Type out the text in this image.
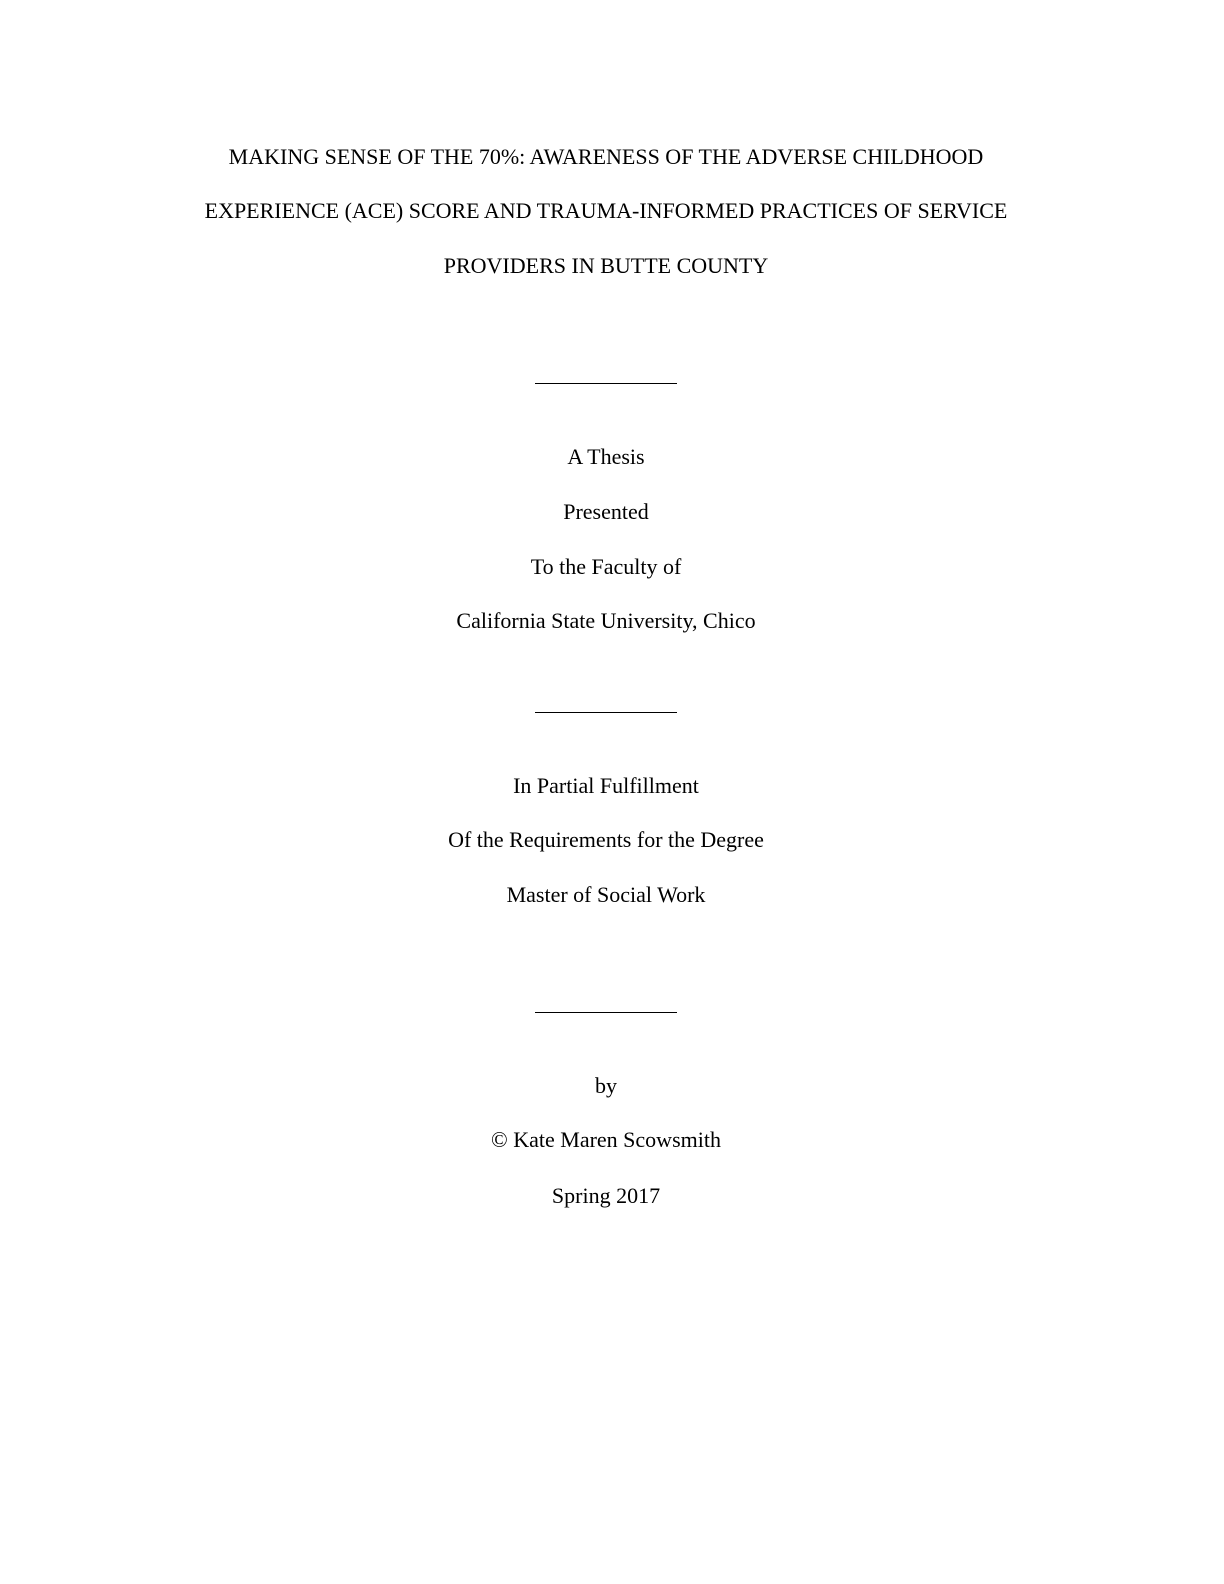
MAKING SENSE OF THE 70%: AWARENESS OF THE ADVERSE CHILDHOOD
EXPERIENCE (ACE) SCORE AND TRAUMA-INFORMED PRACTICES OF SERVICE
PROVIDERS IN BUTTE COUNTY
A Thesis
Presented
To the Faculty of
California State University, Chico
In Partial Fulfillment
Of the Requirements for the Degree
Master of Social Work
by
© Kate Maren Scowsmith
Spring 2017
